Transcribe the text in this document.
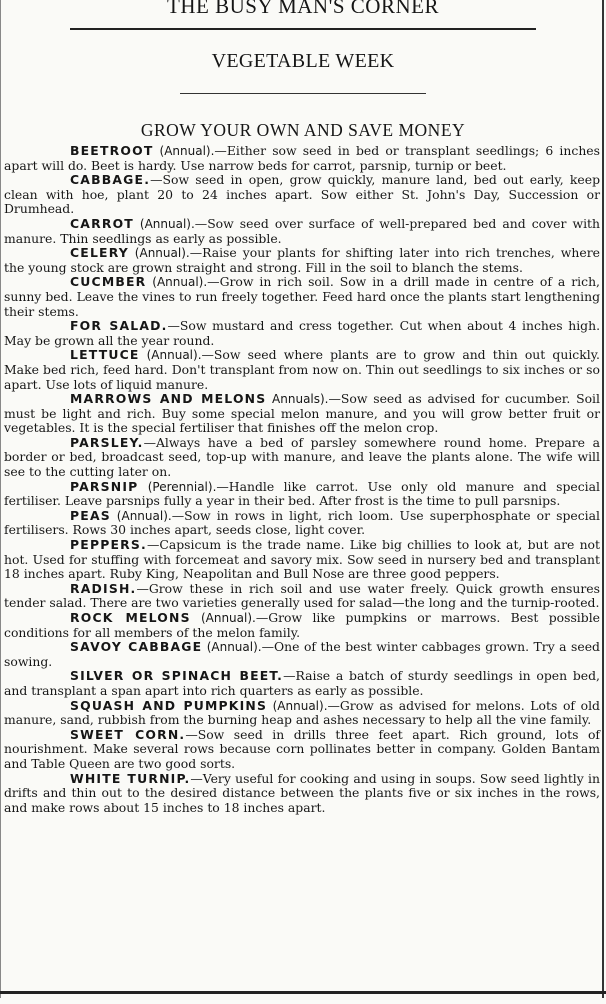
THE BUSY MAN'S CORNER
VEGETABLE WEEK
GROW YOUR OWN AND SAVE MONEY

BEETROOT (Annual).—Either sow seed in bed or transplant seedlings; 6 inches apart will do. Beet is hardy. Use narrow beds for carrot, parsnip, turnip or beet.

CABBAGE.—Sow seed in open, grow quickly, manure land, bed out early, keep clean with hoe, plant 20 to 24 inches apart. Sow either St. John's Day, Succession or Drumhead.

CARROT (Annual).—Sow seed over surface of well-prepared bed and cover with manure. Thin seedlings as early as possible.

CELERY (Annual).—Raise your plants for shifting later into rich trenches, where the young stock are grown straight and strong. Fill in the soil to blanch the stems.

CUCMBER (Annual).—Grow in rich soil. Sow in a drill made in centre of a rich, sunny bed. Leave the vines to run freely together. Feed hard once the plants start lengthening their stems.

FOR SALAD.—Sow mustard and cress together. Cut when about 4 inches high. May be grown all the year round.

LETTUCE (Annual).—Sow seed where plants are to grow and thin out quickly. Make bed rich, feed hard. Don't transplant from now on. Thin out seedlings to six inches or so apart. Use lots of liquid manure.

MARROWS AND MELONS Annuals).—Sow seed as advised for cucumber. Soil must be light and rich. Buy some special melon manure, and you will grow better fruit or vegetables. It is the special fertiliser that finishes off the melon crop.

PARSLEY.—Always have a bed of parsley somewhere round home. Prepare a border or bed, broadcast seed, top-up with manure, and leave the plants alone. The wife will see to the cutting later on.

PARSNIP (Perennial).—Handle like carrot. Use only old manure and special fertiliser. Leave parsnips fully a year in their bed. After frost is the time to pull parsnips.

PEAS (Annual).—Sow in rows in light, rich loom. Use superphosphate or special fertilisers. Rows 30 inches apart, seeds close, light cover.

PEPPERS.—Capsicum is the trade name. Like big chillies to look at, but are not hot. Used for stuffing with forcemeat and savory mix. Sow seed in nursery bed and transplant 18 inches apart. Ruby King, Neapolitan and Bull Nose are three good peppers.

RADISH.—Grow these in rich soil and use water freely. Quick growth ensures tender salad. There are two varieties generally used for salad—the long and the turnip-rooted.

ROCK MELONS (Annual).—Grow like pumpkins or marrows. Best possible conditions for all members of the melon family.

SAVOY CABBAGE (Annual).—One of the best winter cabbages grown. Try a seed sowing.

SILVER OR SPINACH BEET.—Raise a batch of sturdy seedlings in open bed, and transplant a span apart into rich quarters as early as possible.

SQUASH AND PUMPKINS (Annual).—Grow as advised for melons. Lots of old manure, sand, rubbish from the burning heap and ashes necessary to help all the vine family.

SWEET CORN.—Sow seed in drills three feet apart. Rich ground, lots of nourishment. Make several rows because corn pollinates better in company. Golden Bantam and Table Queen are two good sorts.

WHITE TURNIP.—Very useful for cooking and using in soups. Sow seed lightly in drifts and thin out to the desired distance between the plants five or six inches in the rows, and make rows about 15 inches to 18 inches apart.
